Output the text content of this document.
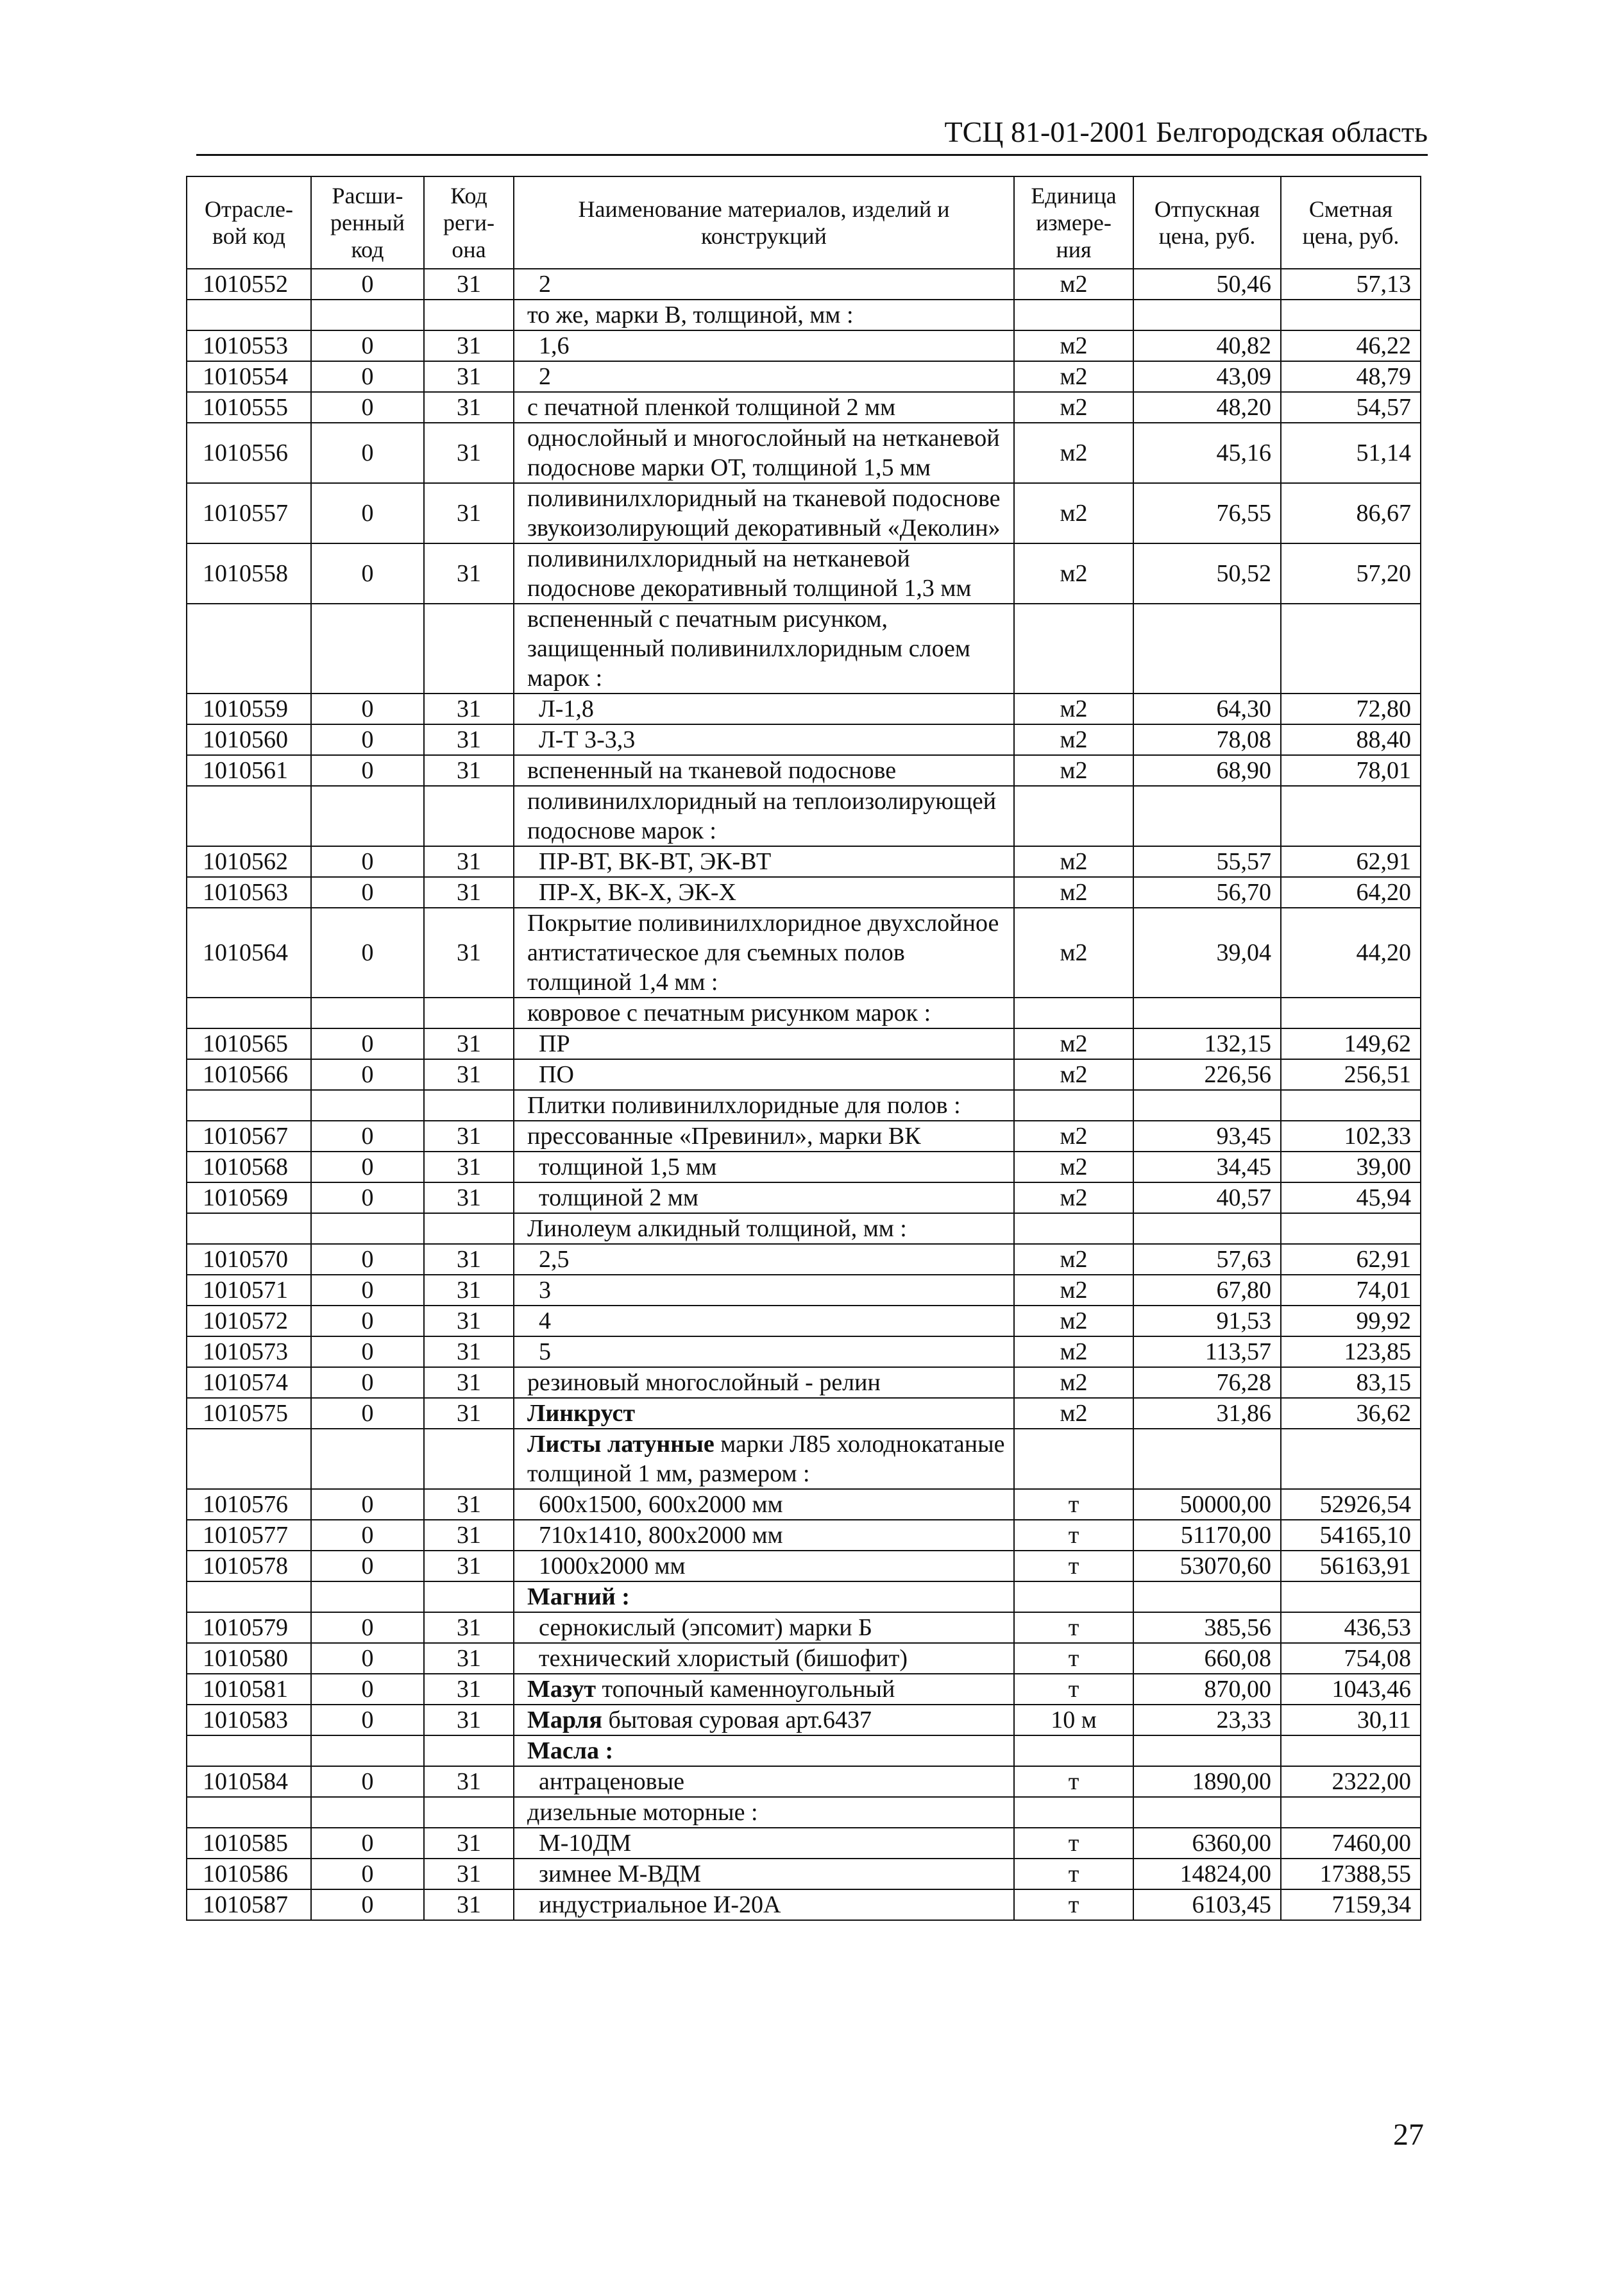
ТСЦ 81-01-2001 Белгородская область
Отрасле-вой код	Расши-ренный код	Код реги-она	Наименование материалов, изделий и конструкций	Единица измере-ния	Отпускная цена, руб.	Сметная цена, руб.
1010552	0	31	2	м2	50,46	57,13
			то же, марки В, толщиной, мм :			
1010553	0	31	1,6	м2	40,82	46,22
1010554	0	31	2	м2	43,09	48,79
1010555	0	31	с печатной пленкой толщиной 2 мм	м2	48,20	54,57
1010556	0	31	однослойный и многослойный на нетканевой подоснове марки ОТ, толщиной 1,5 мм	м2	45,16	51,14
1010557	0	31	поливинилхлоридный на тканевой подоснове звукоизолирующий декоративный «Деколин»	м2	76,55	86,67
1010558	0	31	поливинилхлоридный на нетканевой подоснове декоративный толщиной 1,3 мм	м2	50,52	57,20
			вспененный с печатным рисунком, защищенный поливинилхлоридным слоем марок :			
1010559	0	31	Л-1,8	м2	64,30	72,80
1010560	0	31	Л-Т 3-3,3	м2	78,08	88,40
1010561	0	31	вспененный на тканевой подоснове	м2	68,90	78,01
			поливинилхлоридный на теплоизолирующей подоснове марок :			
1010562	0	31	ПР-ВТ, ВК-ВТ, ЭК-ВТ	м2	55,57	62,91
1010563	0	31	ПР-Х, ВК-Х, ЭК-Х	м2	56,70	64,20
1010564	0	31	Покрытие поливинилхлоридное двухслойное антистатическое для съемных полов толщиной 1,4 мм :	м2	39,04	44,20
			ковровое с печатным рисунком марок :			
1010565	0	31	ПР	м2	132,15	149,62
1010566	0	31	ПО	м2	226,56	256,51
			Плитки поливинилхлоридные для полов :			
1010567	0	31	прессованные «Превинил», марки ВК	м2	93,45	102,33
1010568	0	31	толщиной 1,5 мм	м2	34,45	39,00
1010569	0	31	толщиной 2 мм	м2	40,57	45,94
			Линолеум алкидный толщиной, мм :			
1010570	0	31	2,5	м2	57,63	62,91
1010571	0	31	3	м2	67,80	74,01
1010572	0	31	4	м2	91,53	99,92
1010573	0	31	5	м2	113,57	123,85
1010574	0	31	резиновый многослойный - релин	м2	76,28	83,15
1010575	0	31	Линкруст	м2	31,86	36,62
			Листы латунные марки Л85 холоднокатаные толщиной 1 мм, размером :			
1010576	0	31	600х1500, 600х2000 мм	т	50000,00	52926,54
1010577	0	31	710х1410, 800х2000 мм	т	51170,00	54165,10
1010578	0	31	1000х2000 мм	т	53070,60	56163,91
			Магний :			
1010579	0	31	сернокислый (эпсомит) марки Б	т	385,56	436,53
1010580	0	31	технический хлористый (бишофит)	т	660,08	754,08
1010581	0	31	Мазут топочный каменноугольный	т	870,00	1043,46
1010583	0	31	Марля бытовая суровая арт.6437	10 м	23,33	30,11
			Масла :			
1010584	0	31	антраценовые	т	1890,00	2322,00
			дизельные моторные :			
1010585	0	31	М-10ДМ	т	6360,00	7460,00
1010586	0	31	зимнее М-ВДМ	т	14824,00	17388,55
1010587	0	31	индустриальное И-20А	т	6103,45	7159,34
27
